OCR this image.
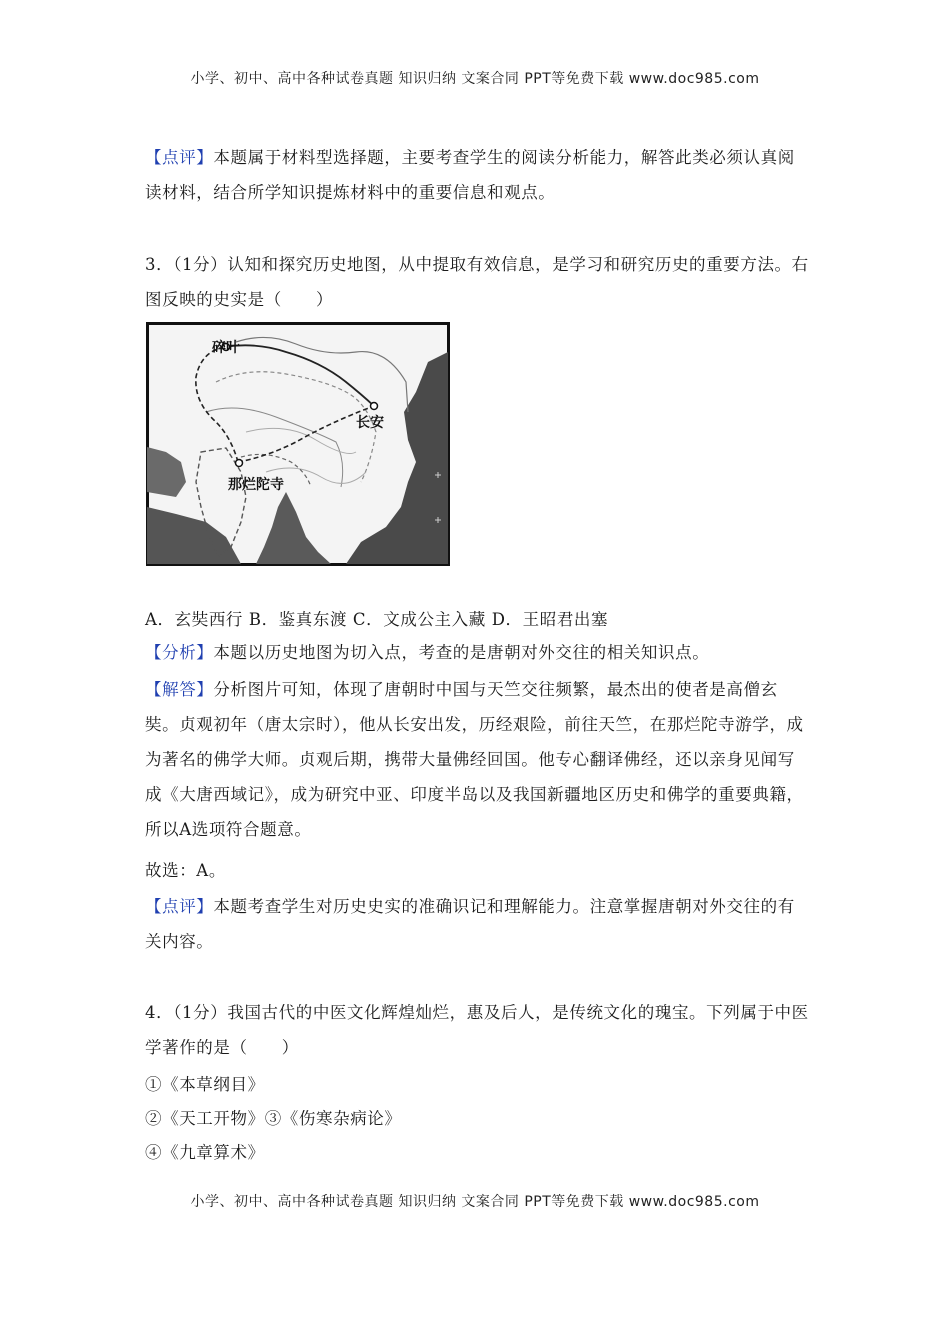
小学、初中、高中各种试卷真题 知识归纳 文案合同 PPT等免费下载 www.doc985.com
【点评】本题属于材料型选择题，主要考查学生的阅读分析能力，解答此类必须认真阅读材料，结合所学知识提炼材料中的重要信息和观点。
3．（1分）认知和探究历史地图，从中提取有效信息，是学习和研究历史的重要方法。右图反映的史实是（　　）
碎叶
长安
那烂陀寺
A．玄奘西行 B．鉴真东渡 C．文成公主入藏 D．王昭君出塞
【分析】本题以历史地图为切入点，考查的是唐朝对外交往的相关知识点。
【解答】分析图片可知，体现了唐朝时中国与天竺交往频繁，最杰出的使者是高僧玄奘。贞观初年（唐太宗时），他从长安出发，历经艰险，前往天竺，在那烂陀寺游学，成为著名的佛学大师。贞观后期，携带大量佛经回国。他专心翻译佛经，还以亲身见闻写成《大唐西域记》，成为研究中亚、印度半岛以及我国新疆地区历史和佛学的重要典籍，所以A选项符合题意。
故选：A。
【点评】本题考查学生对历史史实的准确识记和理解能力。注意掌握唐朝对外交往的有关内容。
4．（1分）我国古代的中医文化辉煌灿烂，惠及后人，是传统文化的瑰宝。下列属于中医学著作的是（　　）
①《本草纲目》
②《天工开物》③《伤寒杂病论》
④《九章算术》
小学、初中、高中各种试卷真题 知识归纳 文案合同 PPT等免费下载 www.doc985.com
